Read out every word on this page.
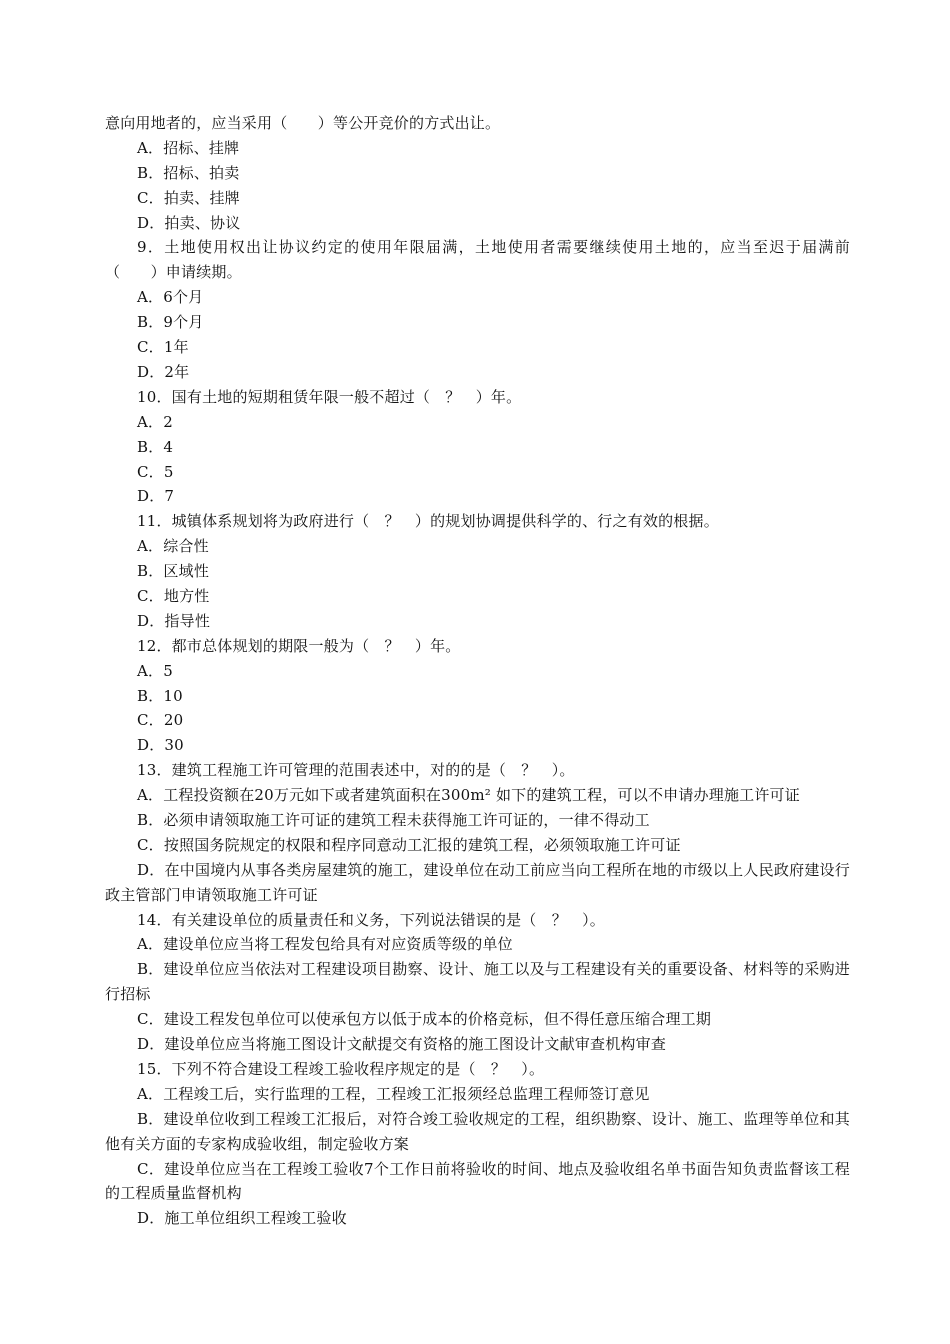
意向用地者的，应当采用（　　）等公开竞价的方式出让。
A．招标、挂牌
B．招标、拍卖
C．拍卖、挂牌
D．拍卖、协议
9．土地使用权出让协议约定的使用年限届满，土地使用者需要继续使用土地的，应当至迟于届满前（　　）申请续期。
A．6个月
B．9个月
C．1年
D．2年
10．国有土地的短期租赁年限一般不超过（　？　）年。
A．2
B．4
C．5
D．7
11．城镇体系规划将为政府进行（　？　）的规划协调提供科学的、行之有效的根据。
A．综合性
B．区域性
C．地方性
D．指导性
12．都市总体规划的期限一般为（　？　）年。
A．5
B．10
C．20
D．30
13．建筑工程施工许可管理的范围表述中，对的的是（　？　）。
A．工程投资额在20万元如下或者建筑面积在300m² 如下的建筑工程，可以不申请办理施工许可证
B．必须申请领取施工许可证的建筑工程未获得施工许可证的，一律不得动工
C．按照国务院规定的权限和程序同意动工汇报的建筑工程，必须领取施工许可证
D．在中国境内从事各类房屋建筑的施工，建设单位在动工前应当向工程所在地的市级以上人民政府建设行政主管部门申请领取施工许可证
14．有关建设单位的质量责任和义务，下列说法错误的是（　？　）。
A．建设单位应当将工程发包给具有对应资质等级的单位
B．建设单位应当依法对工程建设项目勘察、设计、施工以及与工程建设有关的重要设备、材料等的采购进行招标
C．建设工程发包单位可以使承包方以低于成本的价格竞标，但不得任意压缩合理工期
D．建设单位应当将施工图设计文献提交有资格的施工图设计文献审查机构审查
15．下列不符合建设工程竣工验收程序规定的是（　？　）。
A．工程竣工后，实行监理的工程，工程竣工汇报须经总监理工程师签订意见
B．建设单位收到工程竣工汇报后，对符合竣工验收规定的工程，组织勘察、设计、施工、监理等单位和其他有关方面的专家构成验收组，制定验收方案
C．建设单位应当在工程竣工验收7个工作日前将验收的时间、地点及验收组名单书面告知负责监督该工程的工程质量监督机构
D．施工单位组织工程竣工验收
